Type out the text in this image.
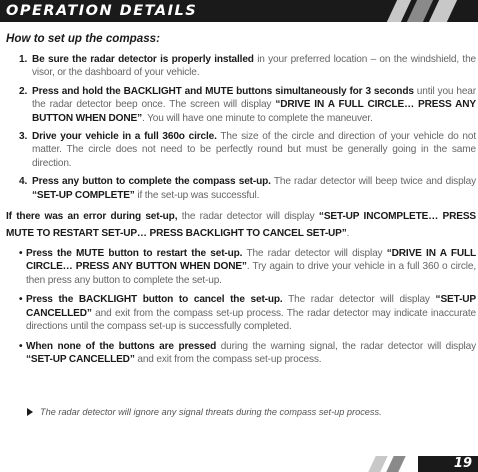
OPERATION DETAILS
How to set up the compass:
1. Be sure the radar detector is properly installed in your preferred location – on the windshield, the visor, or the dashboard of your vehicle.
2. Press and hold the BACKLIGHT and MUTE buttons simultaneously for 3 seconds until you hear the radar detector beep once. The screen will display “DRIVE IN A FULL CIRCLE… PRESS ANY BUTTON WHEN DONE”. You will have one minute to complete the maneuver.
3. Drive your vehicle in a full 360o circle. The size of the circle and direction of your vehicle do not matter. The circle does not need to be perfectly round but must be generally going in the same direction.
4. Press any button to complete the compass set-up. The radar detector will beep twice and display “SET-UP COMPLETE” if the set-up was successful.
If there was an error during set-up, the radar detector will display “SET-UP INCOMPLETE… PRESS MUTE TO RESTART SET-UP… PRESS BACKLIGHT TO CANCEL SET-UP”.
• Press the MUTE button to restart the set-up. The radar detector will display “DRIVE IN A FULL CIRCLE… PRESS ANY BUTTON WHEN DONE”. Try again to drive your vehicle in a full 360 o circle, then press any button to complete the set-up.
• Press the BACKLIGHT button to cancel the set-up. The radar detector will display “SET-UP CANCELLED” and exit from the compass set-up process. The radar detector may indicate inaccurate directions until the compass set-up is successfully completed.
• When none of the buttons are pressed during the warning signal, the radar detector will display “SET-UP CANCELLED” and exit from the compass set-up process.
The radar detector will ignore any signal threats during the compass set-up process.
19
